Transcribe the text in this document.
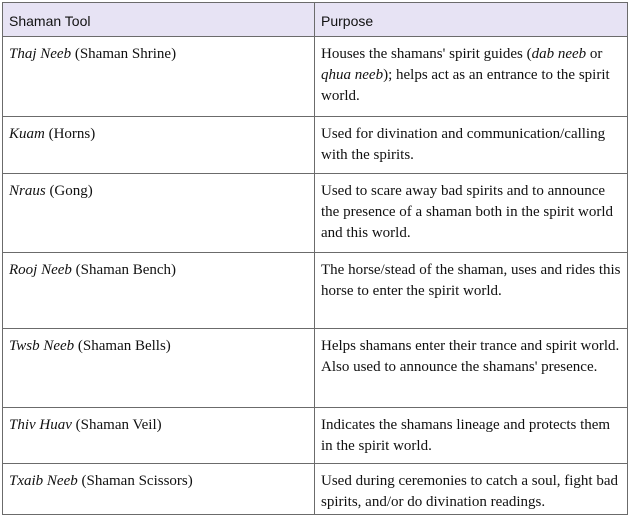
Shaman Tool	Purpose
Thaj Neeb (Shaman Shrine)	Houses the shamans' spirit guides (dab neeb or qhua neeb); helps act as an entrance to the spirit world.
Kuam (Horns)	Used for divination and communication/calling with the spirits.
Nraus (Gong)	Used to scare away bad spirits and to announce the presence of a shaman both in the spirit world and this world.
Rooj Neeb (Shaman Bench)	The horse/stead of the shaman, uses and rides this horse to enter the spirit world.
Twsb Neeb (Shaman Bells)	Helps shamans enter their trance and spirit world. Also used to announce the shamans' presence.
Thiv Huav (Shaman Veil)	Indicates the shamans lineage and protects them in the spirit world.
Txaib Neeb (Shaman Scissors)	Used during ceremonies to catch a soul, fight bad spirits, and/or do divination readings.
